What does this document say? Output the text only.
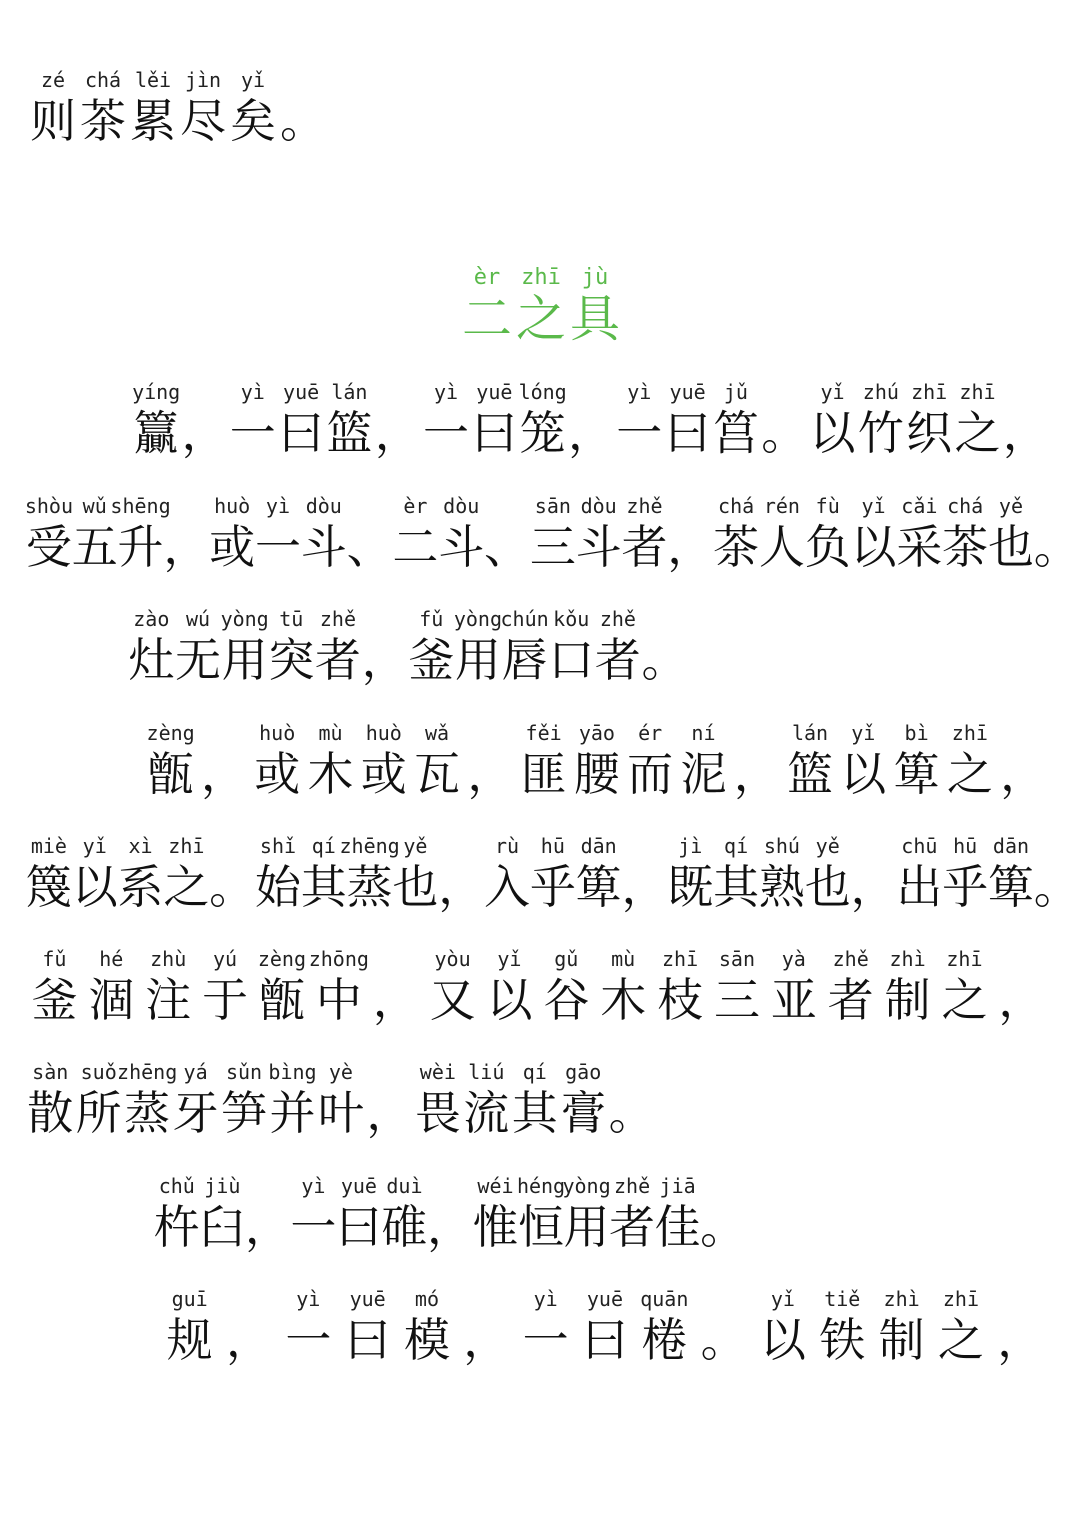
zé
则
chá
茶
lěi
累
jìn
尽
yǐ
矣 。
èr
二
zhī
之
jù
具
yíng
籯 ，
yì
一
yuē
曰
lán
篮 ，
yì
一
yuē
曰
lóng
笼 ，
yì
一
yuē
曰
jǔ
筥 。
yǐ
以
zhú
竹
zhī
织
zhī
之 ，
shòu
受
wǔ
五
shēng
升 ，
huò
或
yì
一
dòu
斗 、
èr
二
dòu
斗 、
sān
三
dòu
斗
zhě
者 ，
chá
茶
rén
人
fù
负
yǐ
以
cǎi
采
chá
茶
yě
也 。
zào
灶
wú
无
yòng
用
tū
突
zhě
者 ，
fǔ
釜
yòng
用
chún
唇
kǒu
口
zhě
者 。
zèng
甑 ，
huò
或
mù
木
huò
或
wǎ
瓦 ，
fěi
匪
yāo
腰
ér
而
ní
泥 ，
lán
篮
yǐ
以
bì
箄
zhī
之 ，
miè
篾
yǐ
以
xì
系
zhī
之 。
shǐ
始
qí
其
zhēng
蒸
yě
也 ，
rù
入
hū
乎
dān
箄 ，
jì
既
qí
其
shú
熟
yě
也 ，
chū
出
hū
乎
dān
箄 。
fǔ
釜
hé
涸
zhù
注
yú
于
zèng
甑
zhōng
中 ，
yòu
又
yǐ
以
gǔ
谷
mù
木
zhī
枝
sān
三
yà
亚
zhě
者
zhì
制
zhī
之 ，
sàn
散
suǒ
所
zhēng
蒸
yá
牙
sǔn
笋
bìng
并
yè
叶 ，
wèi
畏
liú
流
qí
其
gāo
膏 。
chǔ
杵
jiù
臼 ，
yì
一
yuē
曰
duì
碓 ，
wéi
惟
héng
恒
yòng
用
zhě
者
jiā
佳 。
guī
规 ，
yì
一
yuē
曰
mó
模 ，
yì
一
yuē
曰
quān
棬 。
yǐ
以
tiě
铁
zhì
制
zhī
之 ，
